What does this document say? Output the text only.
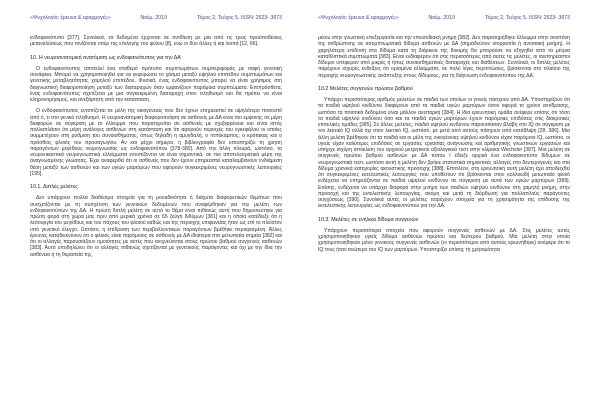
«Ψυχολογία: έρευνα & εφαρμογές»	Νοέμ. 2019	Τόμος 2, Τεύχος 5, ISSN: 2623- 3673

ενδοφαινότυπο [377]. Συνολικά, τα δεδομένα έρχονται σε αντίθεση με μια από τις τρεις προϋποθέσεις μεταναλύσεως που τονίζονται υπέρ της επιλογής του φύλου [8], ενώ οι δύο άλλες ή και λοιπά [12, 66].

10. Η νευροανατομική ανατόμιση ως ενδοφαινότυπος για την ΔΑ

Ο ενδοφαινότυπος αποτελεί ένα σταθερό πρότυπο συμπτωμάτων συμπεριφοράς με σαφή γενετική συνάφεια. Μπορεί να χρησιμοποιηθεί για να γεφυρώσει το χάσμα μεταξύ υψηλού επιπέδου συμπτωμάτων και γενετικής μεταβλητότητας χαμηλού επιπέδου. Φυσικά, ένας ενδοφαινότυπος μπορεί να είναι χρήσιμος στη διαγνωστική διαφοροποίηση μεταξύ των διαταραχών όταν εμφανίζουν παρόμοια συμπτώματα. Επιπρόσθετα, ένας ενδοφαινότυπος σχετίζεται με μια συγκεκριμένη διαταραχή στον πληθυσμό και θα πρέπει να είναι κληρονομήσιμος, και ανεξάρτητη από την κατάσταση.

Ο ενδοφαινότυπος εντοπίζεται σε μέλη της οικογένειας που δεν έχουν επηρεαστεί σε υψηλότερο ποσοστό από ό, τι στο γενικό πληθυσμό. Η νευροανατομική διαφοροποίηση σε ασθενείς με ΔΑ είναι πιο εμφανής σε μέρη διαφορών σε σύγκριση με το έλλειμμα που παρατηρείται σε ασθενείς με σχιζοφρένεια και είναι ιστός πολλαπλάσιο ότι μέρη ανάλογες ασθενών στη κατάσταση και ότι αφορούν περιοχές του εγκεφάλου οι οποίες συμμετέχουν στη ρύθμιση του συναισθήματος, όπως δηλαδή η αμυγδαλή, ο ιππόκαμπος, ο κρότακας και ο πρόσθιος φλοιός του προσαγωγίου. Αν και μέχρι σήμερα, η βιβλιογραφία δεν υποστηρίζει τη χρήση παραγόντων μεγέθους νευρογνωσίας ως ενδοφαινοτύπου [378-380]. Από την άλλη πλευρά, ωστόσο, τα νευροεικαστικά νευρογνωστικά ελλείμματα εντοπίζονται να είναι σημαντικά, σε πιο αποτελεσματικά μέρη της αναγνωσμένης γλώσσας. Έχει αναφερθεί ότι οι ασθενείς που δεν έχουν επηρεαστεί καταλαμβάνουν ενδιάμεση θέση μεταξύ των ασθενών και των υγιών μαρτύρων που αφορούν συγκεκριμένες νευρογνωστικές λειτουργίες [195].

10.1. Διπλές μελέτες

Δεν υπάρχουν πολλά διαθέσιμα στοιχεία για τη μοναδικότητα ή διάχυτα διαφορετικών θεμάτων που συσχετίζονται με τη συσχέτιση των γενετικών δεδομένων που αναφέρθηκαν για την μελέτη των ενδοφαινοτύπων της ΔΑ. Η πρώτη διπλή μελέτη σε αυτό το θέμα είναι πιθανώς αυτή που δημοσιεύτηκε για πρώτη φορά στη χώρα μας πριν από μερικά χρόνια σε 65 ζεύγη διδύμων [381] και η οποία κατέδειξε ότι η λειτουργία του μεγέθους και του πάχους του φλοιού καθώς και της περιοχής επιφανείας ήταν ως επί το πλείστον υπό γενετικό έλεγχο. Ωστόσο, η επίδραση των περιβαλλοντικών παραγόντων βρέθηκε περιορισμένη. Άλλες έρευνες καταδεικνύουν ότι ο φλοιός είναι παρόμοιος σε ασθενείς με ΔΑ ιδιαίτερα στα μετωπιαία σημεία [382] και ότι οι αλλαγές παρουσιάζουν ομοιότητες με αυτές που ανιχνεύονται στους πρώτου βαθμού συγγενείς ασθενών [383]. Αυτό υποδηλώνει ότι οι αλλαγές πιθανώς σχετίζονται με γενετικούς παράγοντες και όχι με την ίδια την ασθένεια ή τη θεραπεία της.

«Ψυχολογία: έρευνα & εφαρμογές»	Νοέμ. 2019	Τόμος 2, Τεύχος 5, ISSN: 2623- 3673

μέσω στην γνωστική επεξεργασία και την επεισοδιακή μνήμη [382]. Δεν παρατηρήθηκε έλλειμμα στην ανιστόνη της ανθρώπινης σε ασυμπτωματικά δίδυμα ασθενών με ΔΑ (σημαδεύουν ισορροπία ή ανοσιακή μνήμη). Η χαμηλότερη επίδοση στα δίδυμα κατά τη διάρκεια της δοκιμής θα μπορούσε να εξηγηθεί από τα μέτρια καταθλιπτικά συμπτώματα [383]. Είναι ενδιαφέρον ότι στις περισσότερες από αυτές τις μελέτες, οι ανεπηρέαστοι δίδυμοι υπέφεραν από μικρές ή ήπιες συναισθηματικές διαταραχές και διαθέσεων. Συνολικά, οι διπλές μελέτες παρέχουν ισχυρές ενδείξεις ότι ορισμένα ελλείμματα, σε πολύ λίγες περιπτώσεις, βρίσκονται στο πλαίσιο της περιοχής νευρογνωστικής ανάπτυξης στους δίδυμους, για τη διάγνωση ενδοφαινοτύπου της ΔΑ.

10.2 Μελέτες συγγενών πρώτου βαθμού

Υπάρχει περισσότερος αριθμός μελετών σε παιδιά των οποίων οι γονείς πάσχουν από ΔΑ. Υποστηρίζουν ότι τα παιδιά υψηλού κινδύνου διαφέρουν από τα παιδιά υγιών μαρτύρων όσον αφορά το χρόνο αντίδρασης, ωστόσο τα ποιοτικά δεδομένα είναι μάλλον ανεπαρκή [384]. Η ίδια ερευνητική ομάδα ανέφερε επίσης ότι τόσο τα παιδιά υψηλού κινδύνου όσο και τα παιδιά υγιών μαρτύρων έχουν παρόμοιες επιδόσεις στις διακριτικές επιτελικές ομάδες [385]. Σε άλλες μελέτες, παιδιά υψηλού κινδύνου παρουσίασαν βλάβη στο IQ σε σύγκριση με τον λεκτικό IQ αλλά όχι στον λεκτικό IQ, ωστόσο, με μετά από αυτούς πάσχουν από κατάθλιψη [28, 386]. Μια άλλη μελέτη βρέθηκαν ότι τα παιδιά και οι μέλη της οικογένειας υψηλού κινδύνου είχαν παρόμοιο IQ, ωστόσο, οι υγιείς είχαν καλύτερες επιδόσεις σε εργασίες εργασίας ανάγνωσης και αριθμητικής γνωστικών εργασιών και υπήρχε ισχύρη απόκλιση του αρχικού μετρητικού αξιολογικού τεστ στην κλίμακα Wechsler [387]. Μια μελέτη σε συγγενείς πρώτου βαθμού ασθενών με ΔΑ τύπου Ι έδειξε αρχικά ένα ενδοφαινοτύπο δίδυμων σε νευρογνωστικά τεστ, ωστόσο αυτή η μελέτη δεν βρήκε στατιστικά σημαντικές αλλαγές στο δευτερογενές και στα δίδυμα χρονικά κατηγορίες ακουστικής προσοχής [388]. Επιπλέον, στη ερευνητική αυτή μελέτη έχει αποδειχθεί ότι συγκεκριμένες εκτελεστικές λειτουργίες που υποθέτουν ότι βρίσκονται στον κολλοειδή μετωπιαίο φλοιό ενδέχεται να επηρεάζονται σε παιδιά υψηλού κινδύνου σε σύγκριση με αυτά των υγιών μαρτύρων [389]. Επίσης, ενδέχεται να υπάρχει διαφορά στην μνήμη των παιδιών υψηλού κινδύνου στη χαμηλή μνήμη, στην προσοχή και της εκτελεστικής λειτουργίας, ακόμη και μετά τη διόρθωση για πολλαπλούς παράγοντες συγχύσεως [390]. Συνολικά αυτές οι μελέτες παρέχουν στοιχεία για τη χρησιμότητα της επίδοσης της εκτελεστικής λειτουργίας ως ενδοφαινοτύπου για την ΔΑ.

10.3. Μελέτες σε ενήλικα δίδυμα συγγενών

Υπάρχουν περισσότερα στοιχεία που αφορούν συγγενείς ασθενών με ΔΑ. Στις μελέτες αυτές χρησιμοποιήθηκαν υγιείς δίδυμα ασθενών πρώτου και δεύτερου βαθμού. Μία μελέτη στην οποία χρησιμοποιήθηκαν μόνο γονικούς συγγενείς ασθενών (οι περισσότεροι από αυτούς ερευνήθηκε) ανέφερε ότι το IQ τους ήταν ανώτερο του IQ των μαρτύρων. Υποστηρίζει επίσης τη χρήσιμότητα
